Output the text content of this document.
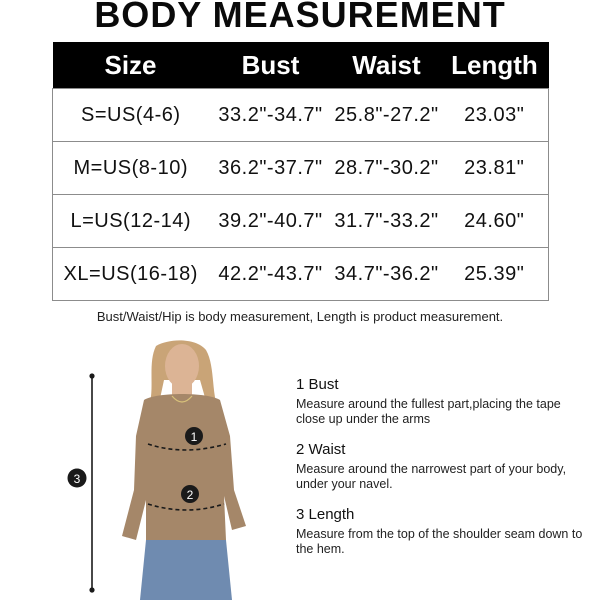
BODY MEASUREMENT
Size	Bust	Waist	Length
S=US(4-6)	33.2"-34.7"	25.8"-27.2"	23.03"
M=US(8-10)	36.2"-37.7"	28.7"-30.2"	23.81"
L=US(12-14)	39.2"-40.7"	31.7"-33.2"	24.60"
XL=US(16-18)	42.2"-43.7"	34.7"-36.2"	25.39"
Bust/Waist/Hip is body measurement, Length is product measurement.
1
2
3
1 Bust
Measure around the fullest part,placing the tape close up under the arms
2 Waist
Measure around the narrowest part of your body, under your navel.
3 Length
Measure from the top of the shoulder seam down to the hem.
